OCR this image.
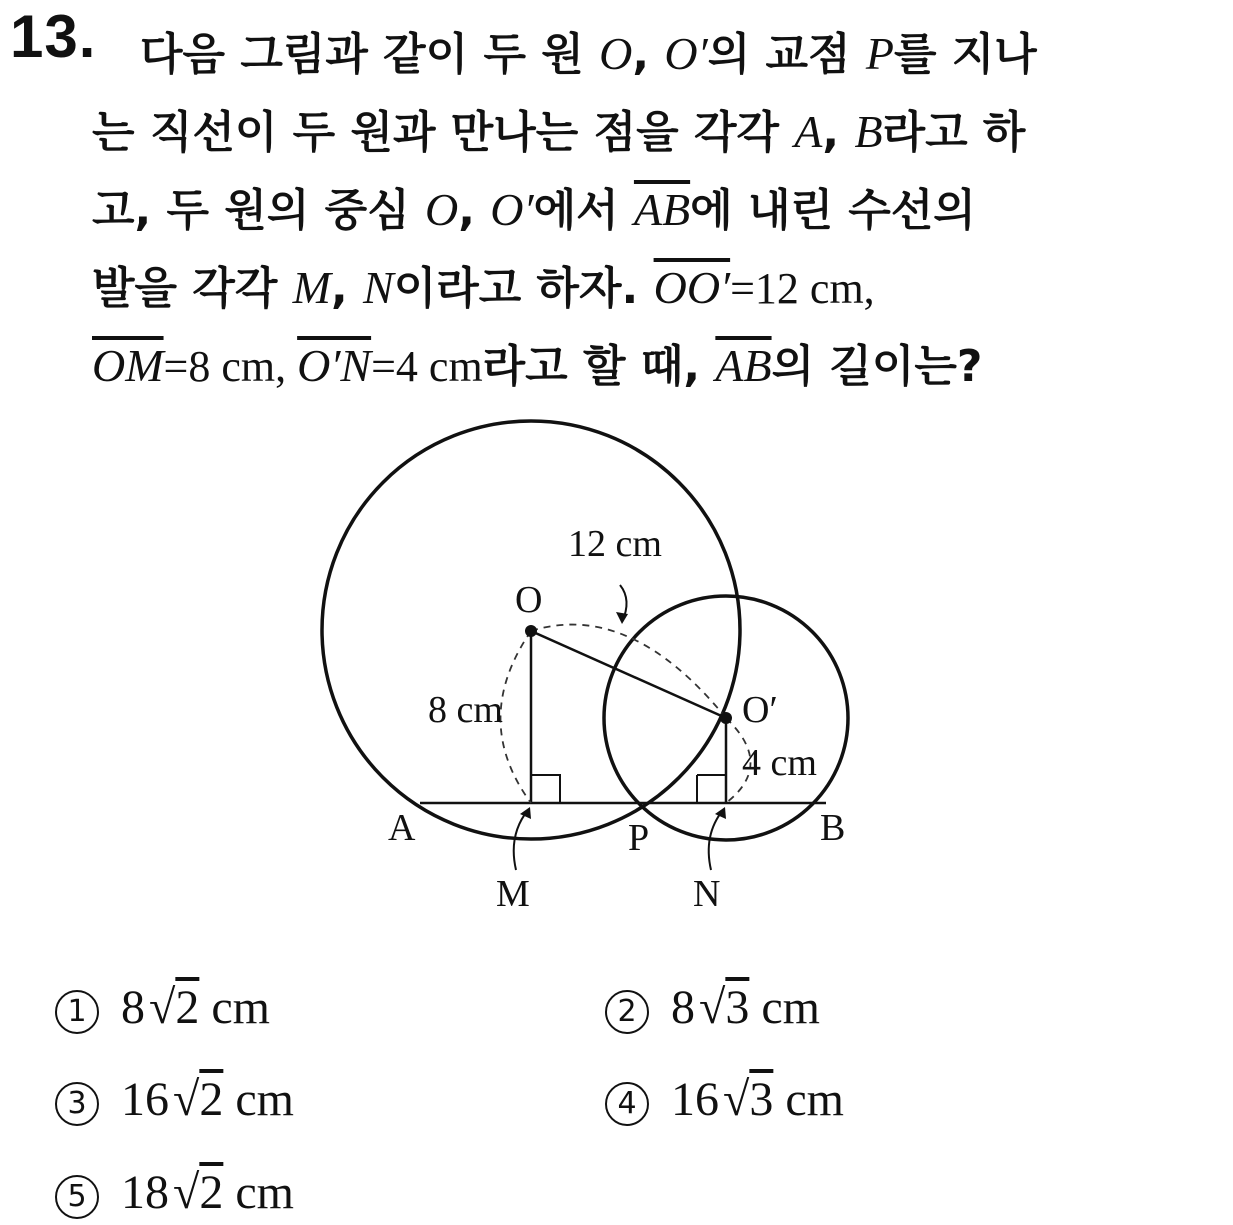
13. 다음 그림과 같이 두 원 O, O′의 교점 P를 지나
는 직선이 두 원과 만나는 점을 각각 A, B라고 하
고, 두 원의 중심 O, O′에서 $\overline{AB}$에 내린 수선의
발을 각각 M, N이라고 하자. OO′=12 cm,
$\overline{OM}=8$ cm, O′N=4 cm라고 할 때, $\overline{AB}$의 길이는?
O
O′
A	B
P
M	N
12 cm
8 cm
4 cm
1 8√2 cm	2 8√3 cm
3 16√2 cm	4 16√3 cm
5 18√2 cm
